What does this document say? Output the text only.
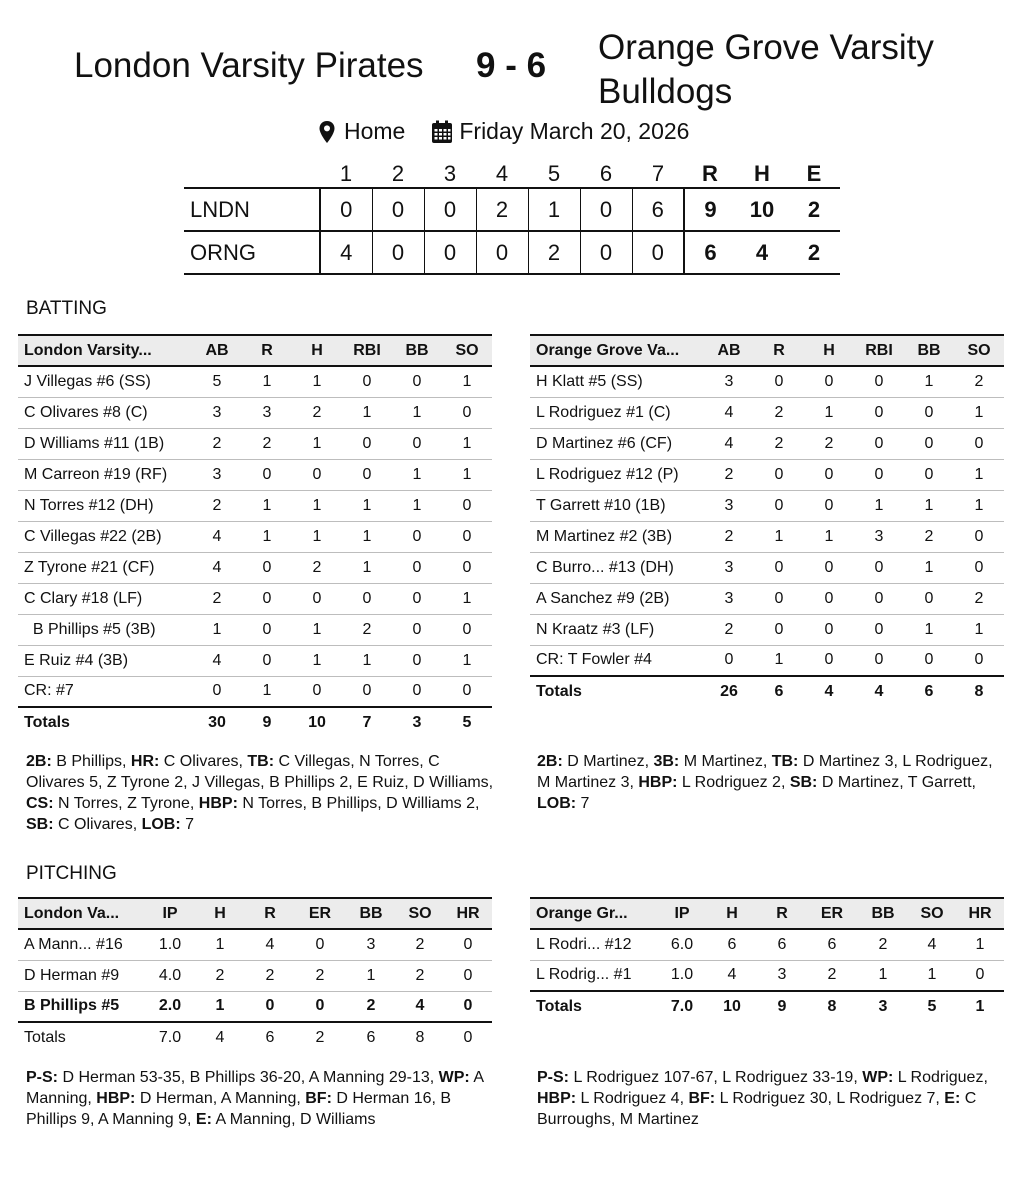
London Varsity Pirates 9 - 6 Orange Grove Varsity Bulldogs
Home Friday March 20, 2026
	1	2	3	4	5	6	7	R	H	E
LNDN	0	0	0	2	1	0	6	9	10	2
ORNG	4	0	0	0	2	0	0	6	4	2
BATTING
London Varsity...	AB	R	H	RBI	BB	SO
J Villegas #6 (SS)	5	1	1	0	0	1
C Olivares #8 (C)	3	3	2	1	1	0
D Williams #11 (1B)	2	2	1	0	0	1
M Carreon #19 (RF)	3	0	0	0	1	1
N Torres #12 (DH)	2	1	1	1	1	0
C Villegas #22 (2B)	4	1	1	1	0	0
Z Tyrone #21 (CF)	4	0	2	1	0	0
C Clary #18 (LF)	2	0	0	0	0	1
B Phillips #5 (3B)	1	0	1	2	0	0
E Ruiz #4 (3B)	4	0	1	1	0	1
CR: #7	0	1	0	0	0	0
Totals	30	9	10	7	3	5
Orange Grove Va...	AB	R	H	RBI	BB	SO
H Klatt #5 (SS)	3	0	0	0	1	2
L Rodriguez #1 (C)	4	2	1	0	0	1
D Martinez #6 (CF)	4	2	2	0	0	0
L Rodriguez #12 (P)	2	0	0	0	0	1
T Garrett #10 (1B)	3	0	0	1	1	1
M Martinez #2 (3B)	2	1	1	3	2	0
C Burro... #13 (DH)	3	0	0	0	1	0
A Sanchez #9 (2B)	3	0	0	0	0	2
N Kraatz #3 (LF)	2	0	0	0	1	1
CR: T Fowler #4	0	1	0	0	0	0
Totals	26	6	4	4	6	8
2B: B Phillips, HR: C Olivares, TB: C Villegas, N Torres, C Olivares 5, Z Tyrone 2, J Villegas, B Phillips 2, E Ruiz, D Williams, CS: N Torres, Z Tyrone, HBP: N Torres, B Phillips, D Williams 2, SB: C Olivares, LOB: 7
2B: D Martinez, 3B: M Martinez, TB: D Martinez 3, L Rodriguez, M Martinez 3, HBP: L Rodriguez 2, SB: D Martinez, T Garrett, LOB: 7
PITCHING
London Va...	IP	H	R	ER	BB	SO	HR
A Mann... #16	1.0	1	4	0	3	2	0
D Herman #9	4.0	2	2	2	1	2	0
B Phillips #5	2.0	1	0	0	2	4	0
Totals	7.0	4	6	2	6	8	0
Orange Gr...	IP	H	R	ER	BB	SO	HR
L Rodri... #12	6.0	6	6	6	2	4	1
L Rodrig... #1	1.0	4	3	2	1	1	0
Totals	7.0	10	9	8	3	5	1
P-S: D Herman 53-35, B Phillips 36-20, A Manning 29-13, WP: A Manning, HBP: D Herman, A Manning, BF: D Herman 16, B Phillips 9, A Manning 9, E: A Manning, D Williams
P-S: L Rodriguez 107-67, L Rodriguez 33-19, WP: L Rodriguez, HBP: L Rodriguez 4, BF: L Rodriguez 30, L Rodriguez 7, E: C Burroughs, M Martinez
